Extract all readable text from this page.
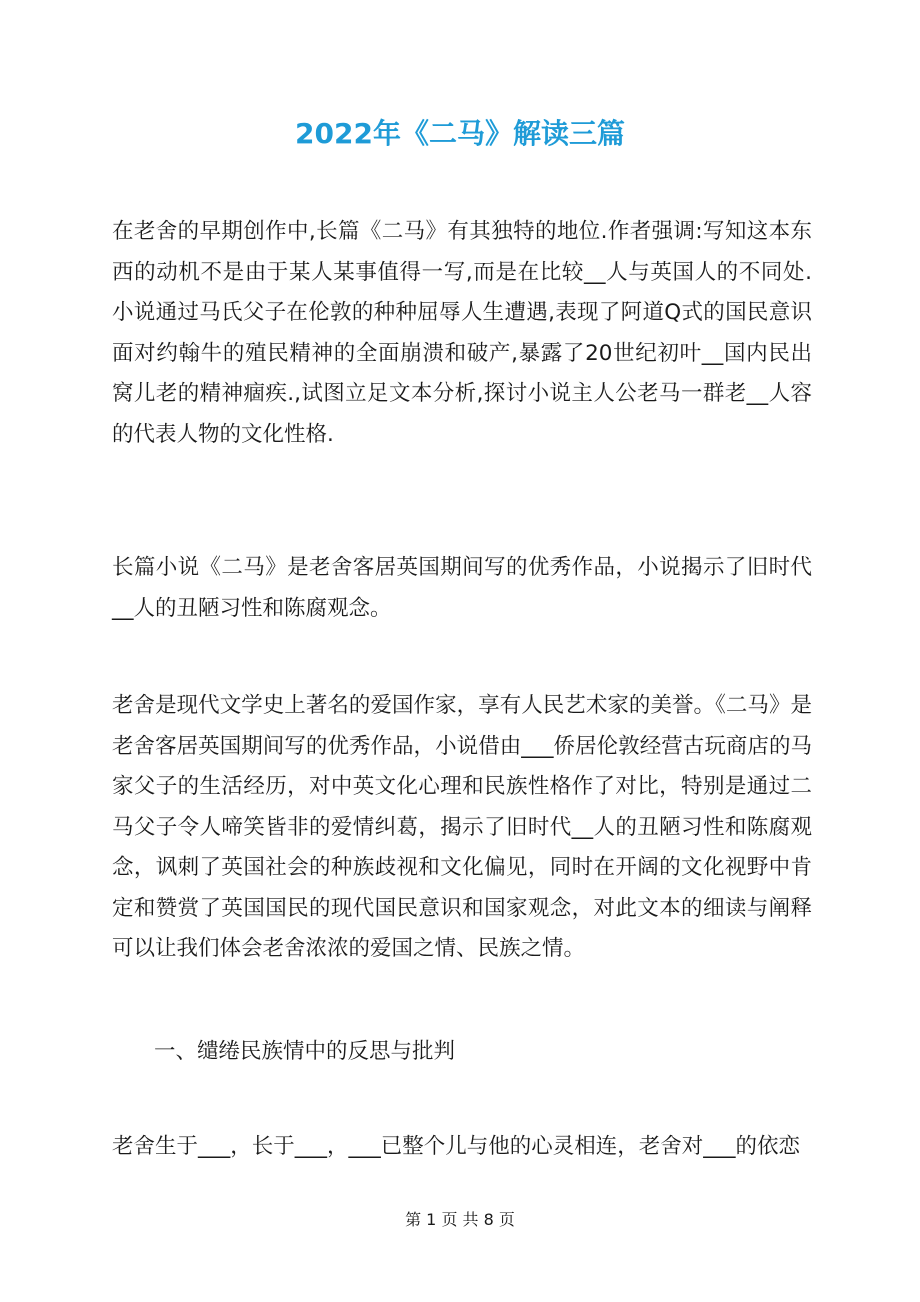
2022年《二马》解读三篇

在老舍的早期创作中,长篇《二马》有其独特的地位.作者强调:写知这本东西的动机不是由于某人某事值得一写,而是在比较__人与英国人的不同处.小说通过马氏父子在伦敦的种种屈辱人生遭遇,表现了阿道Q式的国民意识面对约翰牛的殖民精神的全面崩溃和破产,暴露了20世纪初叶__国内民出窝儿老的精神痼疾.,试图立足文本分析,探讨小说主人公老马一群老__人容的代表人物的文化性格.

长篇小说《二马》是老舍客居英国期间写的优秀作品，小说揭示了旧时代__人的丑陋习性和陈腐观念。

老舍是现代文学史上著名的爱国作家，享有人民艺术家的美誉。《二马》是老舍客居英国期间写的优秀作品，小说借由___侨居伦敦经营古玩商店的马家父子的生活经历，对中英文化心理和民族性格作了对比，特别是通过二马父子令人啼笑皆非的爱情纠葛，揭示了旧时代__人的丑陋习性和陈腐观念，讽刺了英国社会的种族歧视和文化偏见，同时在开阔的文化视野中肯定和赞赏了英国国民的现代国民意识和国家观念，对此文本的细读与阐释可以让我们体会老舍浓浓的爱国之情、民族之情。

一、缱绻民族情中的反思与批判

老舍生于___，长于___，___已整个儿与他的心灵相连，老舍对___的依恋

第 1 页 共 8 页
